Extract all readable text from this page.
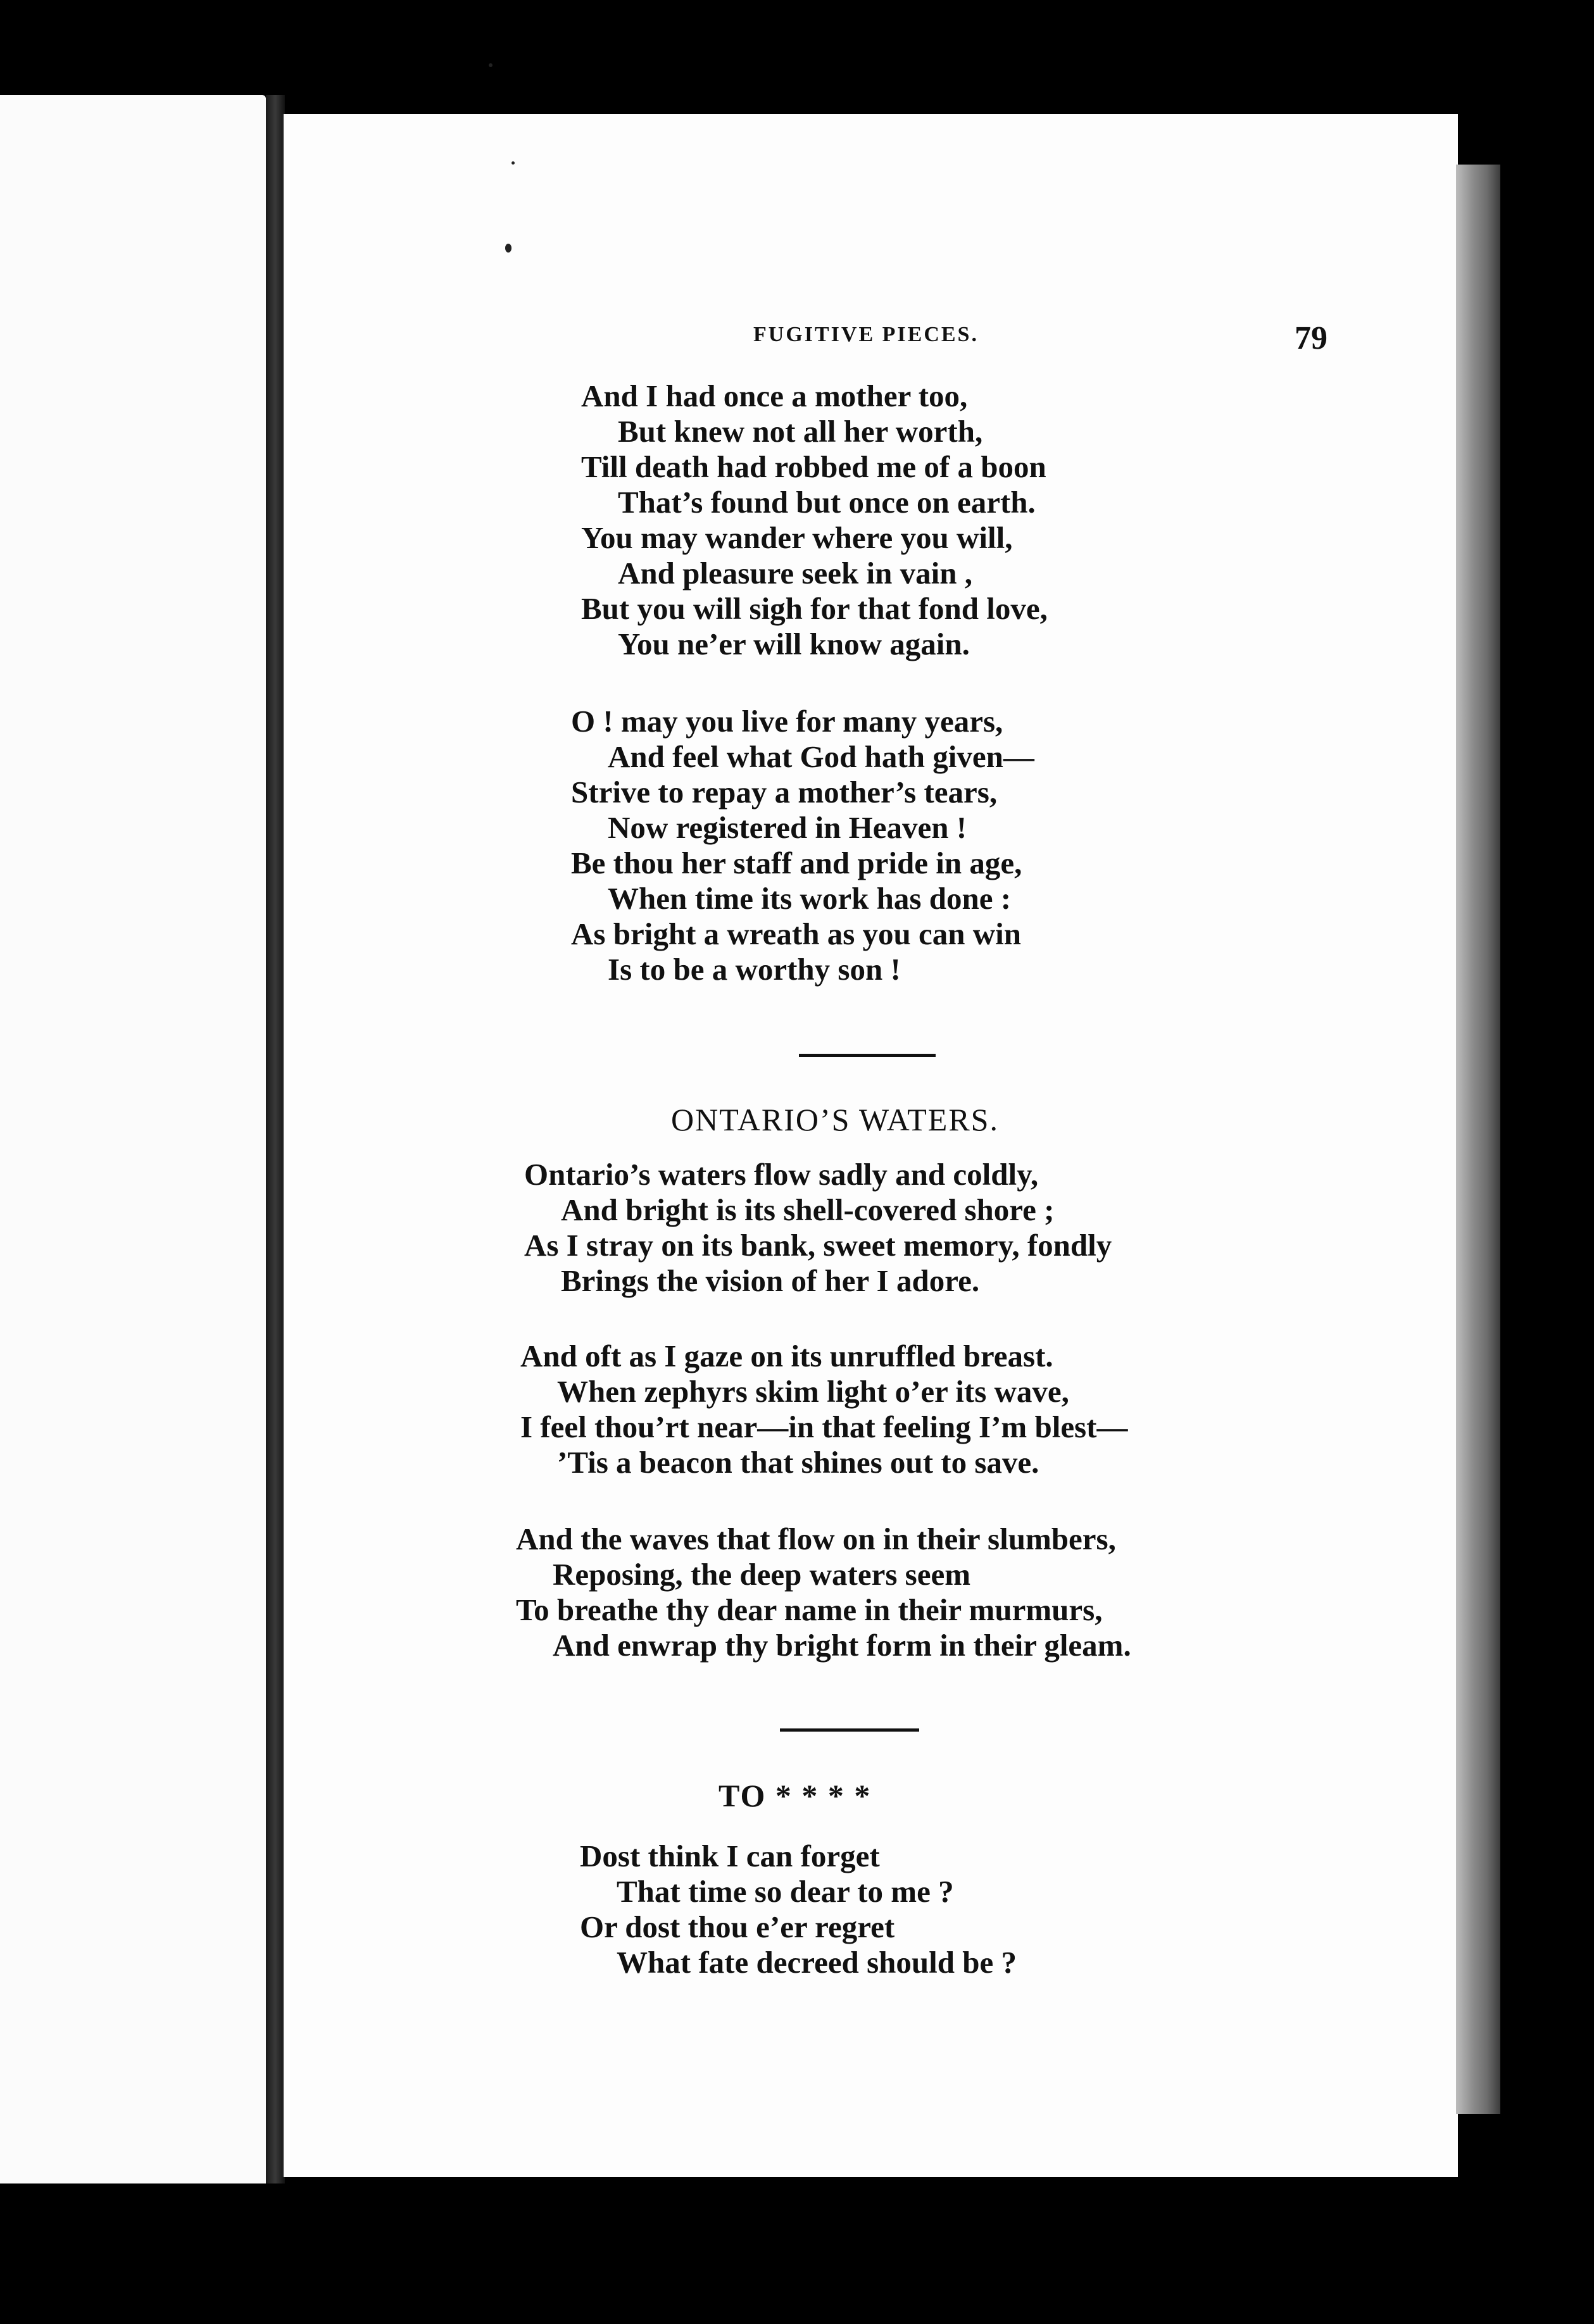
FUGITIVE PIECES.	79
And I had once a mother too,
But knew not all her worth,
Till death had robbed me of a boon
That’s found but once on earth.
You may wander where you will,
And pleasure seek in vain ,
But you will sigh for that fond love,
You ne’er will know again.
O ! may you live for many years,
And feel what God hath given—
Strive to repay a mother’s tears,
Now registered in Heaven !
Be thou her staff and pride in age,
When time its work has done :
As bright a wreath as you can win
Is to be a worthy son !
ONTARIO’S WATERS.
Ontario’s waters flow sadly and coldly,
And bright is its shell-covered shore ;
As I stray on its bank, sweet memory, fondly
Brings the vision of her I adore.
And oft as I gaze on its unruffled breast.
When zephyrs skim light o’er its wave,
I feel thou’rt near—in that feeling I’m blest—
’Tis a beacon that shines out to save.
And the waves that flow on in their slumbers,
Reposing, the deep waters seem
To breathe thy dear name in their murmurs,
And enwrap thy bright form in their gleam.
TO * * * *
Dost think I can forget
That time so dear to me ?
Or dost thou e’er regret
What fate decreed should be ?
